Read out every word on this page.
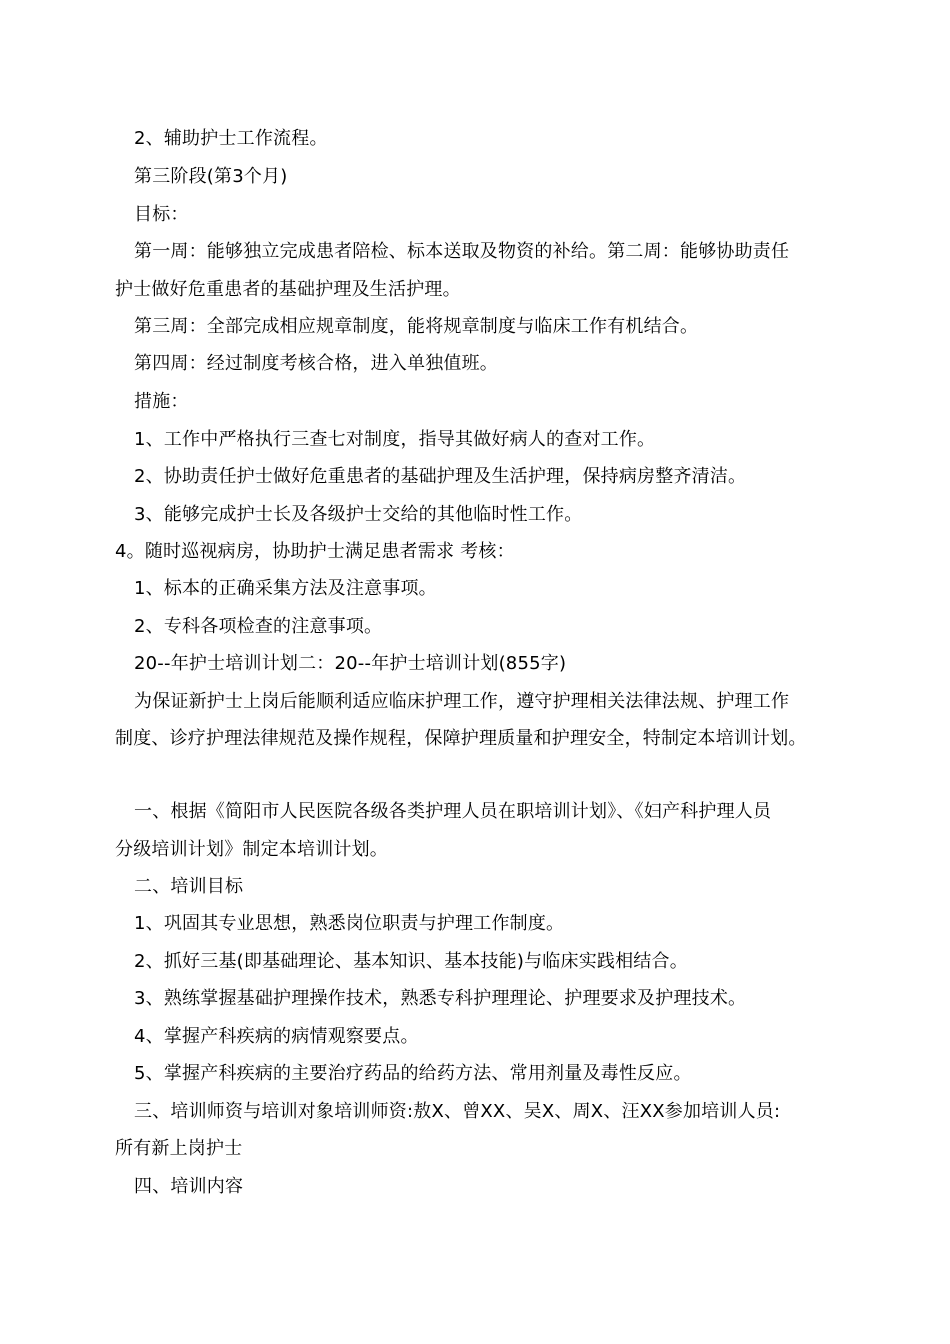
2、辅助护士工作流程。
第三阶段(第3个月)
目标：
第一周：能够独立完成患者陪检、标本送取及物资的补给。第二周：能够协助责任
护士做好危重患者的基础护理及生活护理。
第三周：全部完成相应规章制度，能将规章制度与临床工作有机结合。
第四周：经过制度考核合格，进入单独值班。
措施：
1、工作中严格执行三查七对制度，指导其做好病人的查对工作。
2、协助责任护士做好危重患者的基础护理及生活护理，保持病房整齐清洁。
3、能够完成护士长及各级护士交给的其他临时性工作。
4。随时巡视病房，协助护士满足患者需求 考核：
1、标本的正确采集方法及注意事项。
2、专科各项检查的注意事项。
20--年护士培训计划二：20--年护士培训计划(855字)
为保证新护士上岗后能顺利适应临床护理工作，遵守护理相关法律法规、护理工作
制度、诊疗护理法律规范及操作规程，保障护理质量和护理安全，特制定本培训计划。
一、根据《简阳市人民医院各级各类护理人员在职培训计划》、《妇产科护理人员
分级培训计划》制定本培训计划。
二、培训目标
1、巩固其专业思想，熟悉岗位职责与护理工作制度。
2、抓好三基(即基础理论、基本知识、基本技能)与临床实践相结合。
3、熟练掌握基础护理操作技术，熟悉专科护理理论、护理要求及护理技术。
4、掌握产科疾病的病情观察要点。
5、掌握产科疾病的主要治疗药品的给药方法、常用剂量及毒性反应。
三、培训师资与培训对象培训师资:敖X、曾XX、吴X、周X、汪XX参加培训人员:
所有新上岗护士
四、培训内容
